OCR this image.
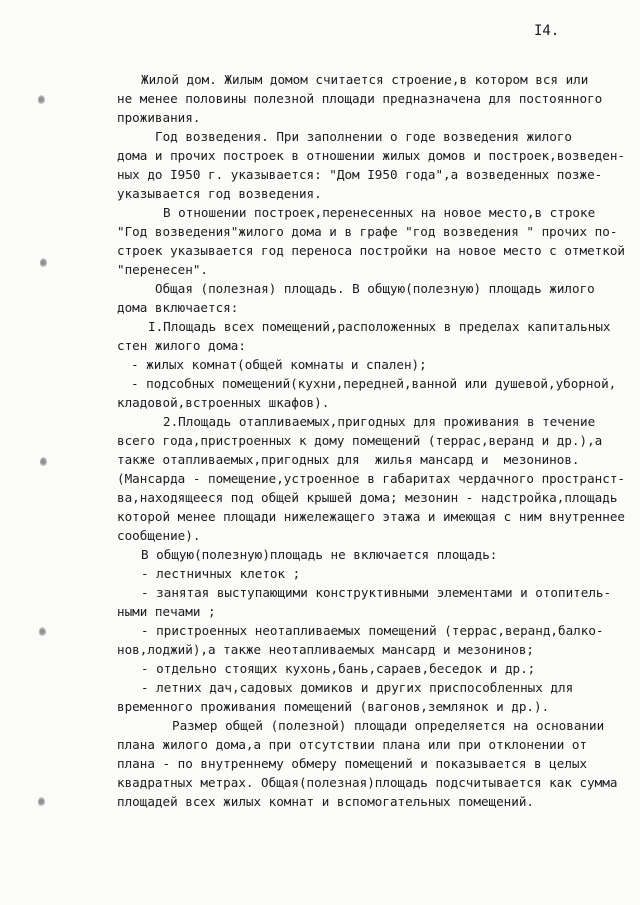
I4.
Жилой дом. Жилым домом считается строение,в котором вся или
не менее половины полезной площади предназначена для постоянного
проживания.
Год возведения. При заполнении о годе возведения жилого
дома и прочих построек в отношении жилых домов и построек,возведен-
ных до I950 г. указывается: "Дом I950 года",а возведенных позже-
указывается год возведения.
В отношении построек,перенесенных на новое место,в строке
"Год возведения"жилого дома и в графе "год возведения " прочих по-
строек указывается год переноса постройки на новое место с отметкой
"перенесен".
Общая (полезная) площадь. В общую(полезную) площадь жилого
дома включается:
I.Площадь всех помещений,расположенных в пределах капитальных
стен жилого дома:
- жилых комнат(общей комнаты и спален);
- подсобных помещений(кухни,передней,ванной или душевой,уборной,
кладовой,встроенных шкафов).
2.Площадь отапливаемых,пригодных для проживания в течение
всего года,пристроенных к дому помещений (террас,веранд и др.),а
также отапливаемых,пригодных для  жилья мансард и  мезонинов.
(Мансарда - помещение,устроенное в габаритах чердачного пространст-
ва,находящееся под общей крышей дома; мезонин - надстройка,площадь
которой менее площади нижележащего этажа и имеющая с ним внутреннее
сообщение).
В общую(полезную)площадь не включается площадь:
- лестничных клеток ;
- занятая выступающими конструктивными элементами и отопитель-
ными печами ;
- пристроенных неотапливаемых помещений (террас,веранд,балко-
нов,лоджий),а также неотапливаемых мансард и мезонинов;
- отдельно стоящих кухонь,бань,сараев,беседок и др.;
- летних дач,садовых домиков и других приспособленных для
временного проживания помещений (вагонов,землянок и др.).
Размер общей (полезной) площади определяется на основании
плана жилого дома,а при отсутствии плана или при отклонении от
плана - по внутреннему обмеру помещений и показывается в целых
квадратных метрах. Общая(полезная)площадь подсчитывается как сумма
площадей всех жилых комнат и вспомогательных помещений.
